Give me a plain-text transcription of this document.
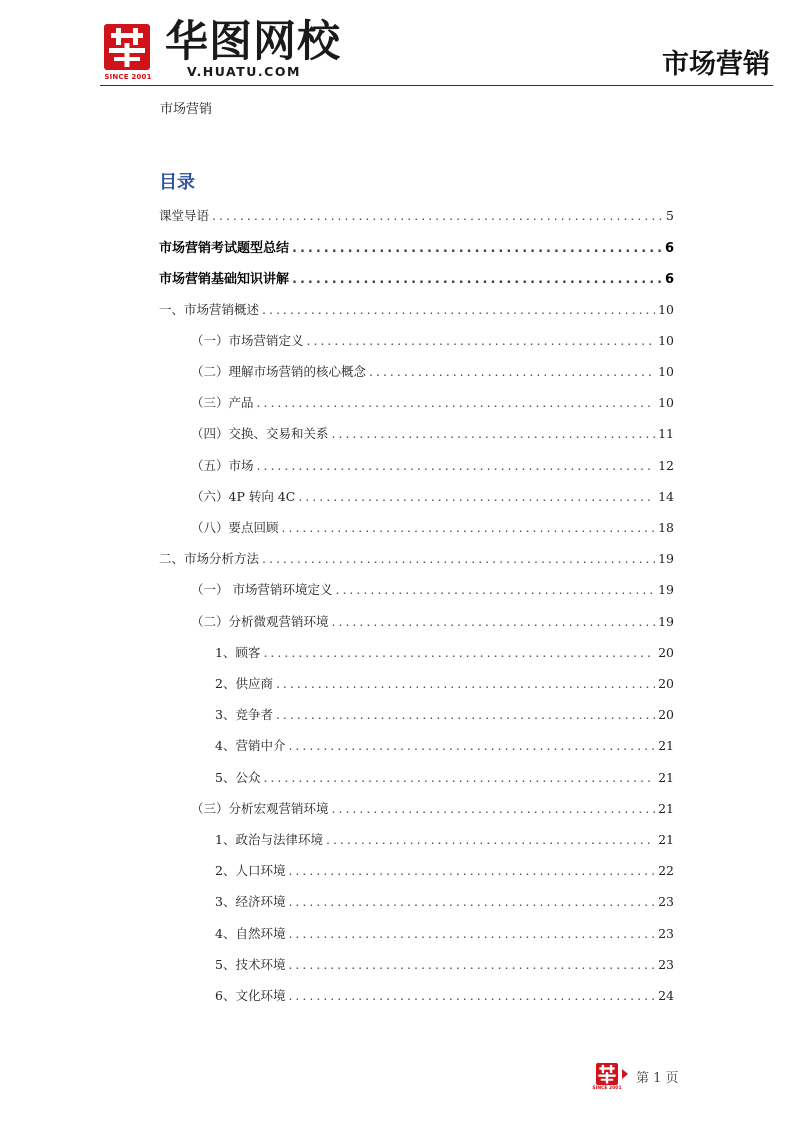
SINCE 2001
华图网校
V.HUATU.COM	市场营销
市场营销
目录
课堂导语 .....	5
市场营销考试题型总结 .....	6
市场营销基础知识讲解 .....	6
一、市场营销概述 .....	10
（一）市场营销定义 .....	10
（二）理解市场营销的核心概念 .....	10
（三）产品 .....	10
（四）交换、交易和关系 .....	11
（五）市场 .....	12
（六）4P 转向 4C .....	14
（八）要点回顾 .....	18
二、市场分析方法 .....	19
（一） 市场营销环境定义 .....	19
（二）分析微观营销环境 .....	19
1、顾客 .....	20
2、供应商 .....	20
3、竞争者 .....	20
4、营销中介 .....	21
5、公众 .....	21
（三）分析宏观营销环境 .....	21
1、政治与法律环境 .....	21
2、人口环境 .....	22
3、经济环境 .....	23
4、自然环境 .....	23
5、技术环境 .....	23
6、文化环境 .....	24
SINCE 2001
第 1 页
